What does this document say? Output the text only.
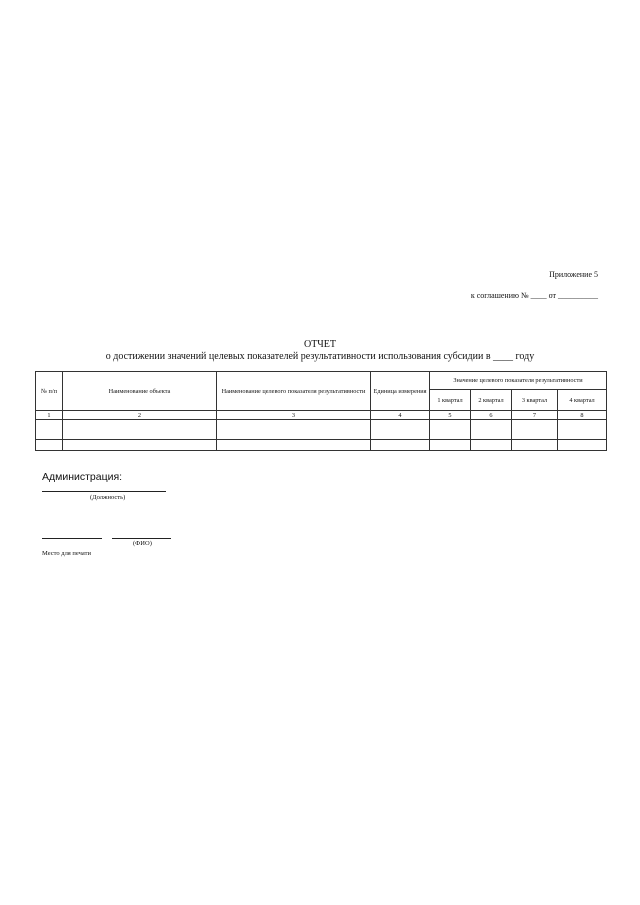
Приложение 5
к соглашению № ____ от __________
ОТЧЕТ
о достижении значений целевых показателей результативности использования субсидии в ____ году
№ п/п	Наименование объекта	Наименование целевого показателя результативности	Единица измерения	Значение целевого показателя результативности			
				1 квартал	2 квартал	3 квартал	4 квартал
1	2	3	4	5	6	7	8

Администрация:
(Должность)
(ФИО)
Место для печати
